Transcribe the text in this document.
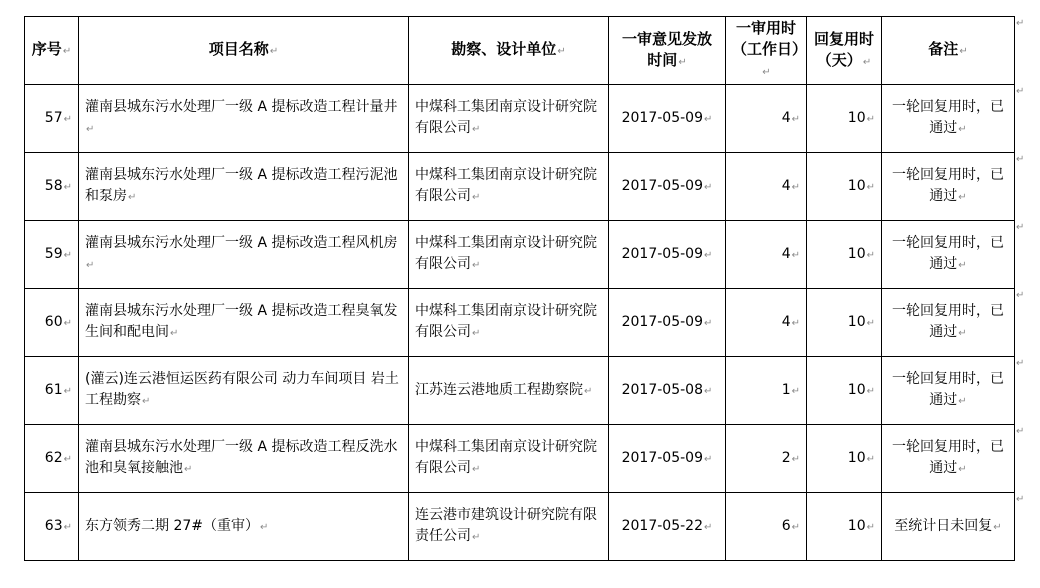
序号↵	项目名称↵	勘察、设计单位↵	一审意见发放时间↵	一审用时（工作日）↵	回复用时（天）↵	备注↵
57↵	灌南县城东污水处理厂一级 A 提标改造工程计量井↵	中煤科工集团南京设计研究院有限公司↵	2017-05-09↵	4↵	10↵	一轮回复用时，已通过↵
58↵	灌南县城东污水处理厂一级 A 提标改造工程污泥池和泵房↵	中煤科工集团南京设计研究院有限公司↵	2017-05-09↵	4↵	10↵	一轮回复用时，已通过↵
59↵	灌南县城东污水处理厂一级 A 提标改造工程风机房↵	中煤科工集团南京设计研究院有限公司↵	2017-05-09↵	4↵	10↵	一轮回复用时，已通过↵
60↵	灌南县城东污水处理厂一级 A 提标改造工程臭氧发生间和配电间↵	中煤科工集团南京设计研究院有限公司↵	2017-05-09↵	4↵	10↵	一轮回复用时，已通过↵
61↵	(灌云)连云港恒运医药有限公司 动力车间项目 岩土工程勘察↵	江苏连云港地质工程勘察院↵	2017-05-08↵	1↵	10↵	一轮回复用时，已通过↵
62↵	灌南县城东污水处理厂一级 A 提标改造工程反洗水池和臭氧接触池↵	中煤科工集团南京设计研究院有限公司↵	2017-05-09↵	2↵	10↵	一轮回复用时，已通过↵
63↵	东方领秀二期 27#（重审）↵	连云港市建筑设计研究院有限责任公司↵	2017-05-22↵	6↵	10↵	至统计日未回复↵
↵
↵
↵
↵
↵
↵
↵
↵
